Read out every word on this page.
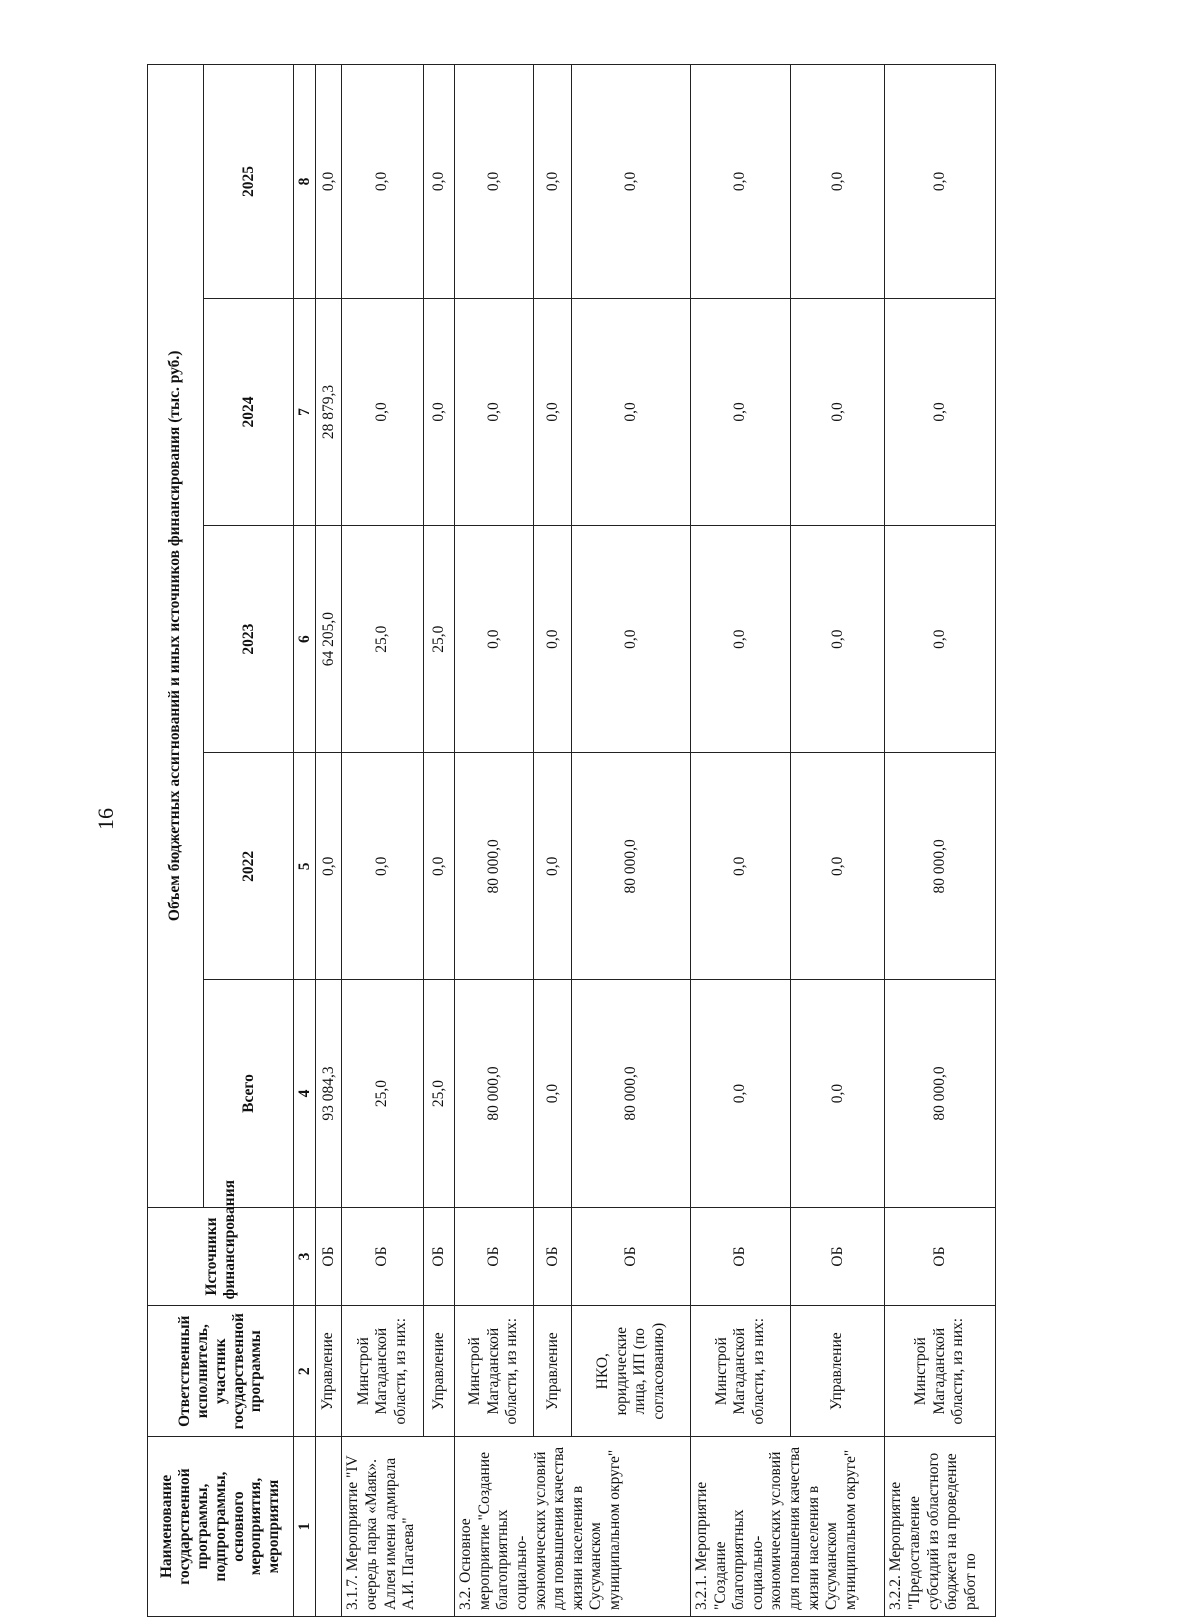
16
Наименование государственной программы, подпрограммы, основного мероприятия, мероприятия	Ответственный исполнитель, участник государственной программы	Источники финансирования	Объем бюджетных ассигнований и иных источников финансирования (тыс. руб.)				
			Всего	2022	2023	2024	2025
1	2	3	4	5	6	7	8
	Управление	ОБ	93 084,3	0,0	64 205,0	28 879,3	0,0
3.1.7. Мероприятие "IV очередь парка «Маяк». Аллея имени адмирала А.И. Пагаева"	Минстрой Магаданской области, из них:	ОБ	25,0	0,0	25,0	0,0	0,0
	Управление	ОБ	25,0	0,0	25,0	0,0	0,0
3.2. Основное мероприятие "Создание благоприятных социально-экономических условий для повышения качества жизни населения в Сусуманском муниципальном округе"	Минстрой Магаданской области, из них:	ОБ	80 000,0	80 000,0	0,0	0,0	0,0
	Управление	ОБ	0,0	0,0	0,0	0,0	0,0
	НКО, юридические лица, ИП (по согласованию)	ОБ	80 000,0	80 000,0	0,0	0,0	0,0
3.2.1. Мероприятие "Создание благоприятных социально-экономических условий для повышения качества жизни населения в Сусуманском муниципальном округе"	Минстрой Магаданской области, из них:	ОБ	0,0	0,0	0,0	0,0	0,0
	Управление	ОБ	0,0	0,0	0,0	0,0	0,0
3.2.2. Мероприятие "Предоставление субсидий из областного бюджета на проведение работ по	Минстрой Магаданской области, из них:	ОБ	80 000,0	80 000,0	0,0	0,0	0,0
